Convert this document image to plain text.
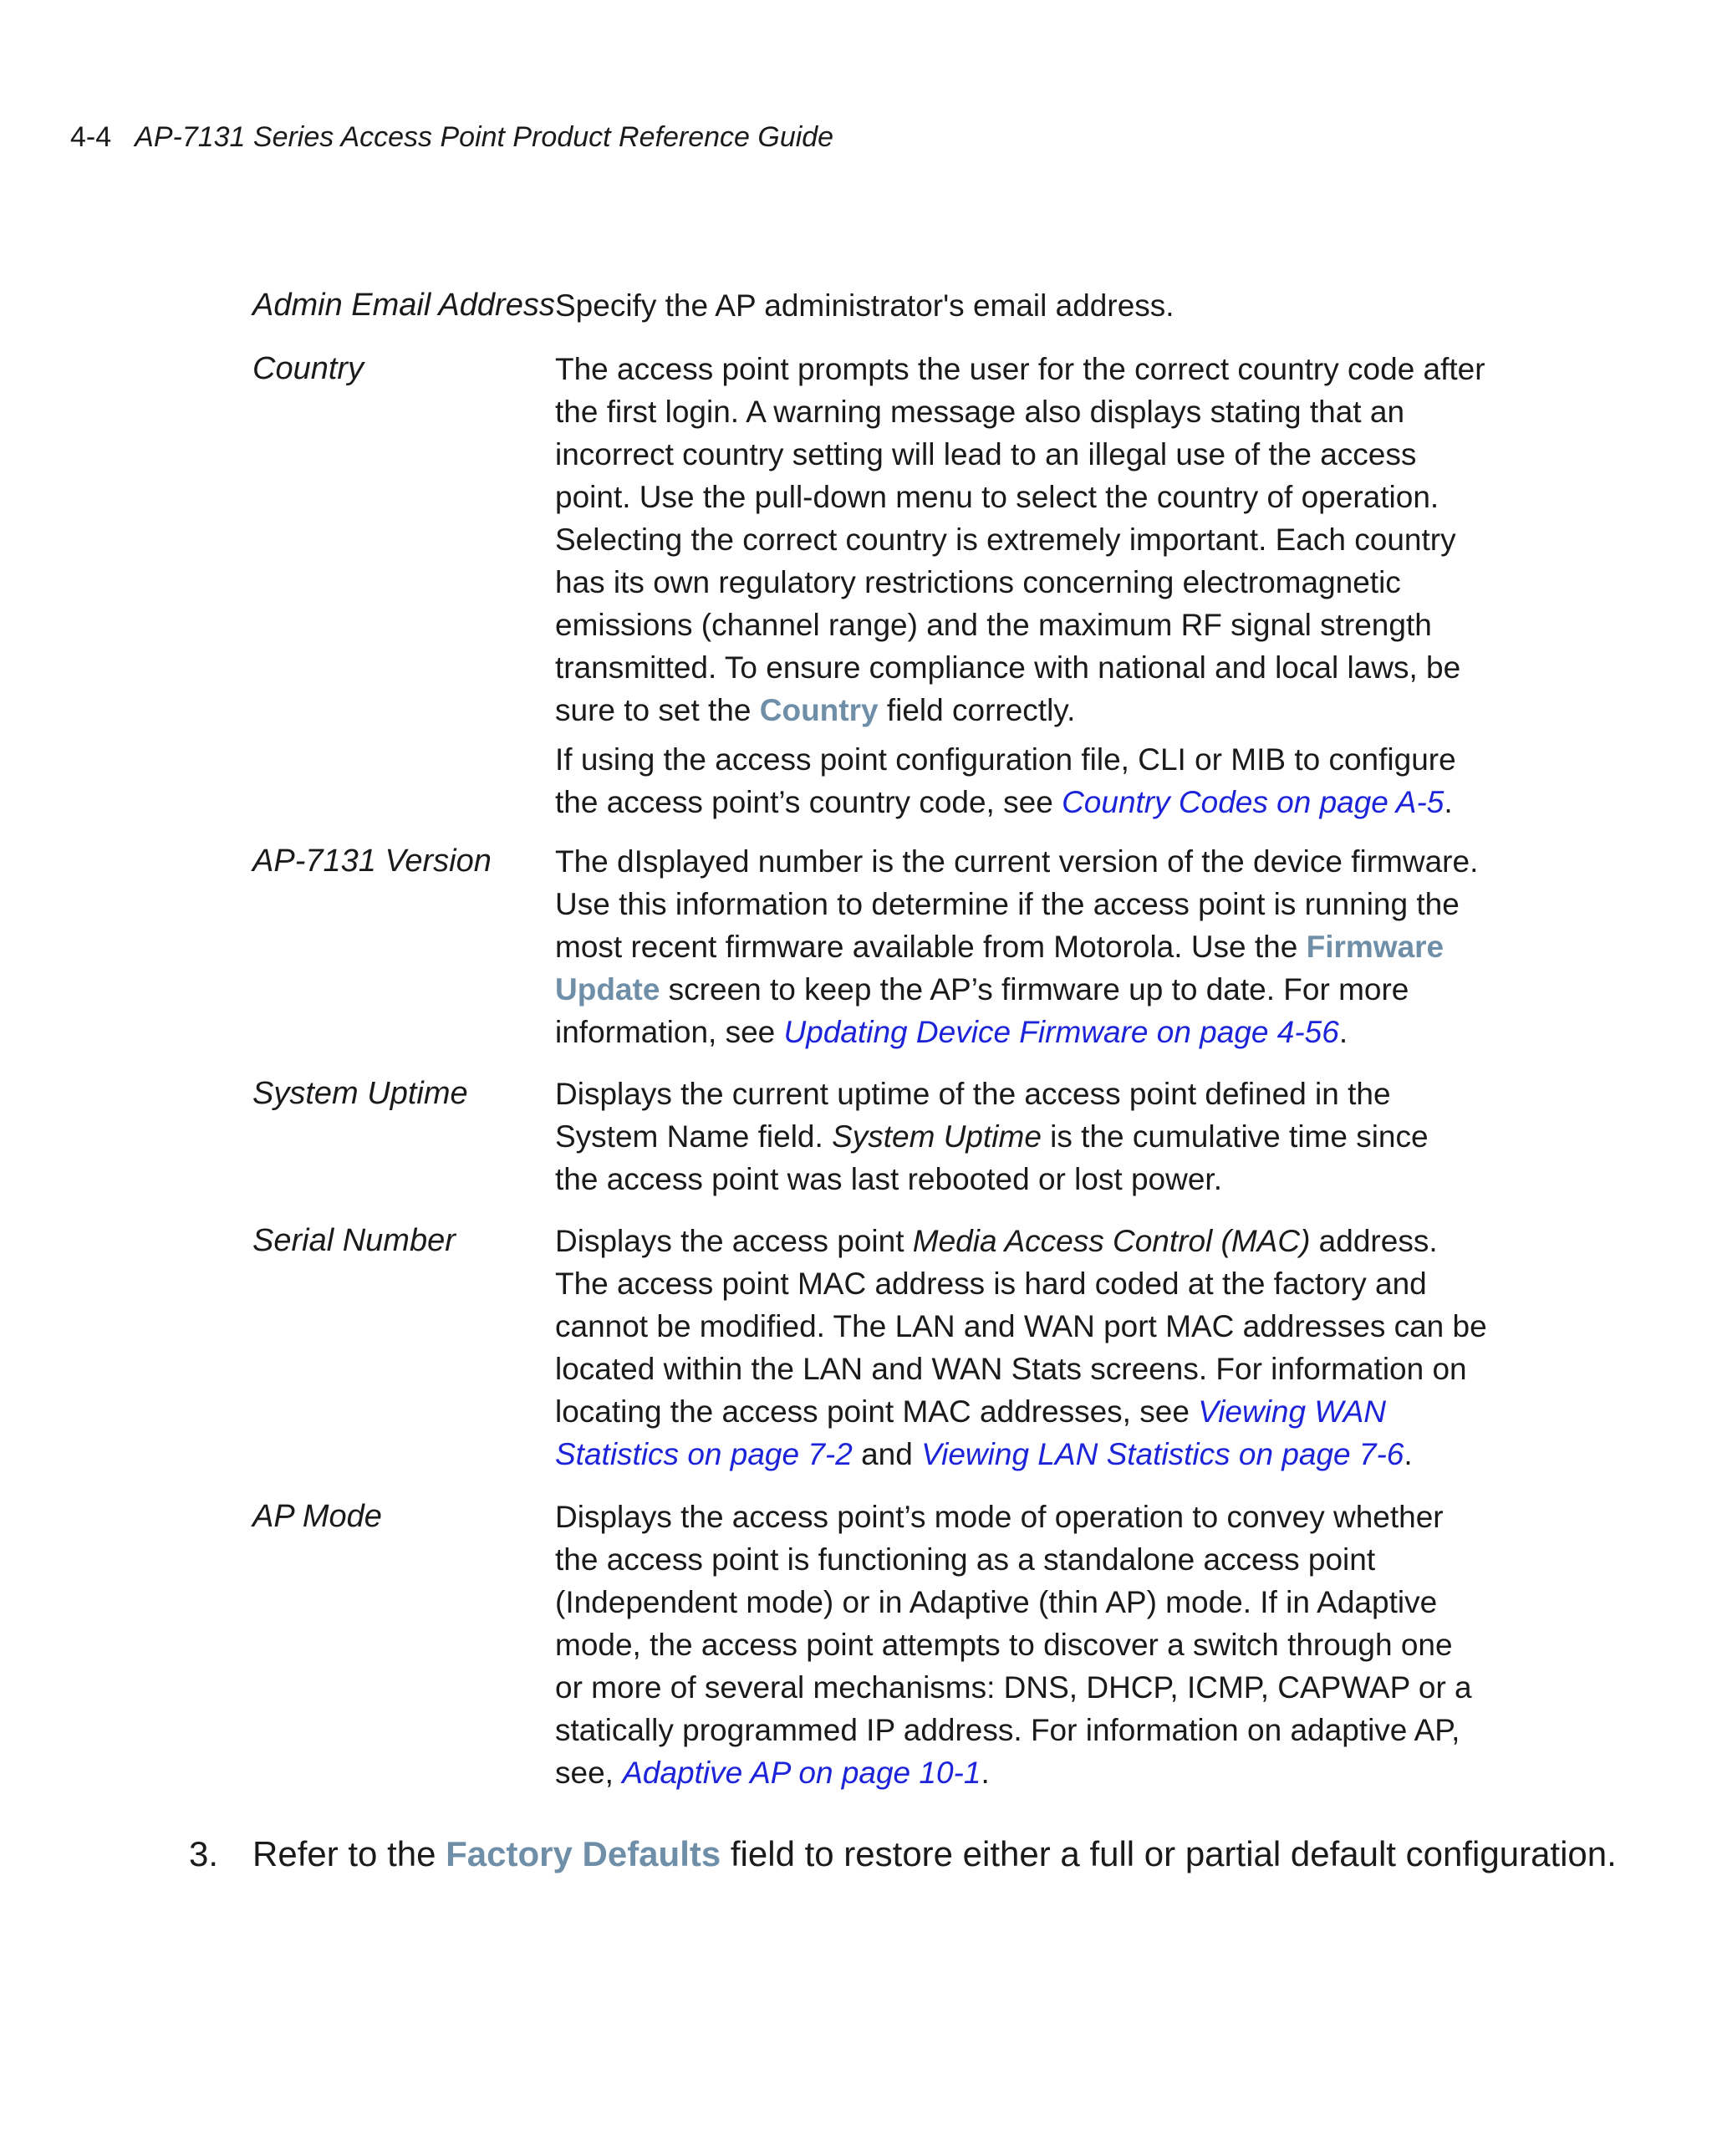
4-4 AP-7131 Series Access Point Product Reference Guide
Admin Email Address Specify the AP administrator's email address.
Country	The access point prompts the user for the correct country code after
the first login. A warning message also displays stating that an
incorrect country setting will lead to an illegal use of the access
point. Use the pull-down menu to select the country of operation.
Selecting the correct country is extremely important. Each country
has its own regulatory restrictions concerning electromagnetic
emissions (channel range) and the maximum RF signal strength
transmitted. To ensure compliance with national and local laws, be
sure to set the Country field correctly.

If using the access point configuration file, CLI or MIB to configure
the access point’s country code, see Country Codes on page A-5.

AP-7131 Version	The dIsplayed number is the current version of the device firmware.
Use this information to determine if the access point is running the
most recent firmware available from Motorola. Use the Firmware
Update screen to keep the AP’s firmware up to date. For more
information, see Updating Device Firmware on page 4-56.
System Uptime	Displays the current uptime of the access point defined in the
System Name field. System Uptime is the cumulative time since
the access point was last rebooted or lost power.
Serial Number	Displays the access point Media Access Control (MAC) address.
The access point MAC address is hard coded at the factory and
cannot be modified. The LAN and WAN port MAC addresses can be
located within the LAN and WAN Stats screens. For information on
locating the access point MAC addresses, see Viewing WAN
Statistics on page 7-2 and Viewing LAN Statistics on page 7-6.
AP Mode	Displays the access point’s mode of operation to convey whether
the access point is functioning as a standalone access point
(Independent mode) or in Adaptive (thin AP) mode. If in Adaptive
mode, the access point attempts to discover a switch through one
or more of several mechanisms: DNS, DHCP, ICMP, CAPWAP or a
statically programmed IP address. For information on adaptive AP,
see, Adaptive AP on page 10-1.
3. Refer to the Factory Defaults field to restore either a full or partial default configuration.
